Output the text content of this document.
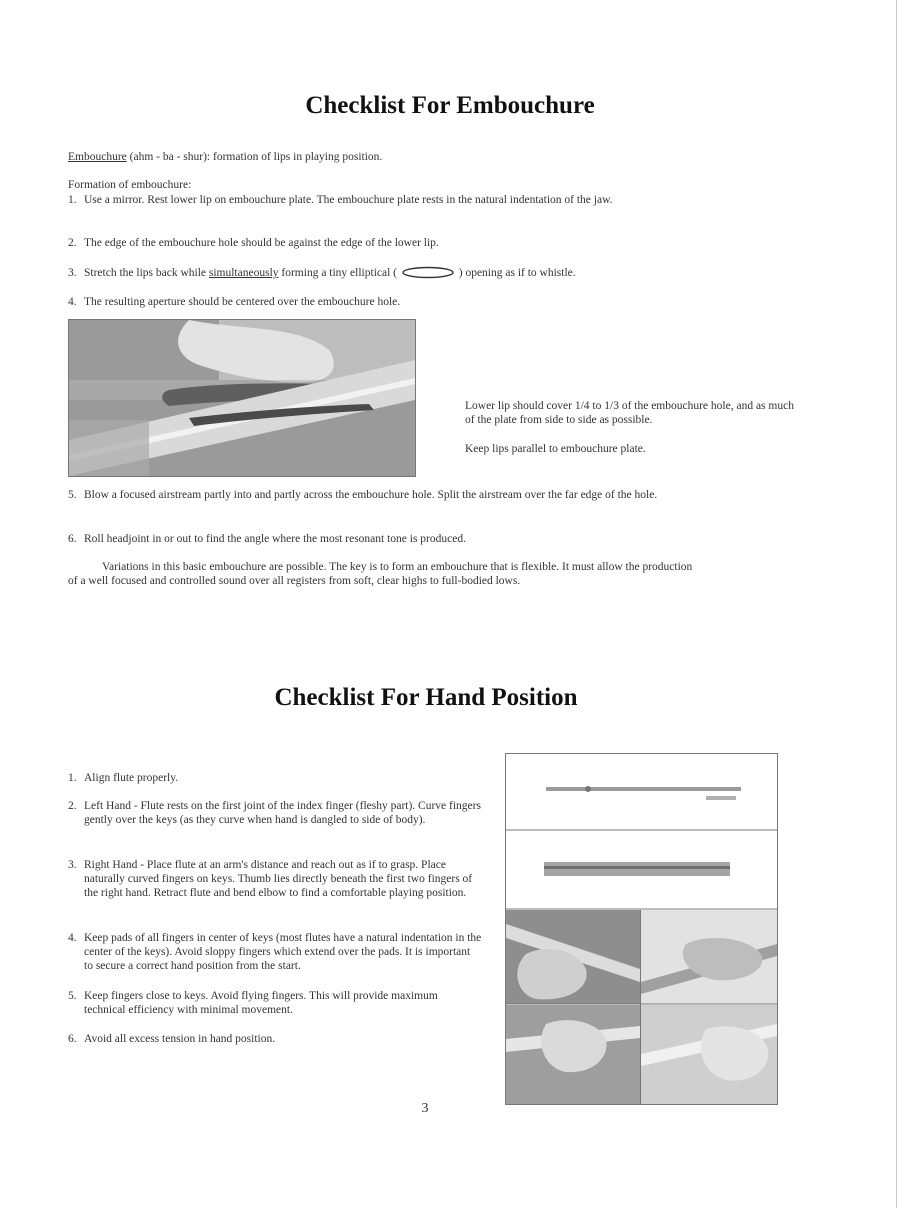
Checklist For Embouchure
Embouchure (ahm - ba - shur): formation of lips in playing position.
Formation of embouchure:
1. Use a mirror. Rest lower lip on embouchure plate. The embouchure plate rests in the natural indentation of the jaw.
2. The edge of the embouchure hole should be against the edge of the lower lip.
3. Stretch the lips back while simultaneously forming a tiny elliptical (	) opening as if to whistle.
4. The resulting aperture should be centered over the embouchure hole.
Lower lip should cover 1/4 to 1/3 of the embouchure hole, and as much of the plate from side to side as possible.
Keep lips parallel to embouchure plate.
5. Blow a focused airstream partly into and partly across the embouchure hole. Split the airstream over the far edge of the hole.
6. Roll headjoint in or out to find the angle where the most resonant tone is produced.
Variations in this basic embouchure are possible. The key is to form an embouchure that is flexible. It must allow the production of a well focused and controlled sound over all registers from soft, clear highs to full-bodied lows.
Checklist For Hand Position
1. Align flute properly.
2. Left Hand - Flute rests on the first joint of the index finger (fleshy part). Curve fingers gently over the keys (as they curve when hand is dangled to side of body).
3. Right Hand - Place flute at an arm's distance and reach out as if to grasp. Place naturally curved fingers on keys. Thumb lies directly beneath the first two fingers of the right hand. Retract flute and bend elbow to find a comfortable playing position.
4. Keep pads of all fingers in center of keys (most flutes have a natural indentation in the center of the keys). Avoid sloppy fingers which extend over the pads. It is important to secure a correct hand position from the start.
5. Keep fingers close to keys. Avoid flying fingers. This will provide maximum technical efficiency with minimal movement.
6. Avoid all excess tension in hand position.
3
